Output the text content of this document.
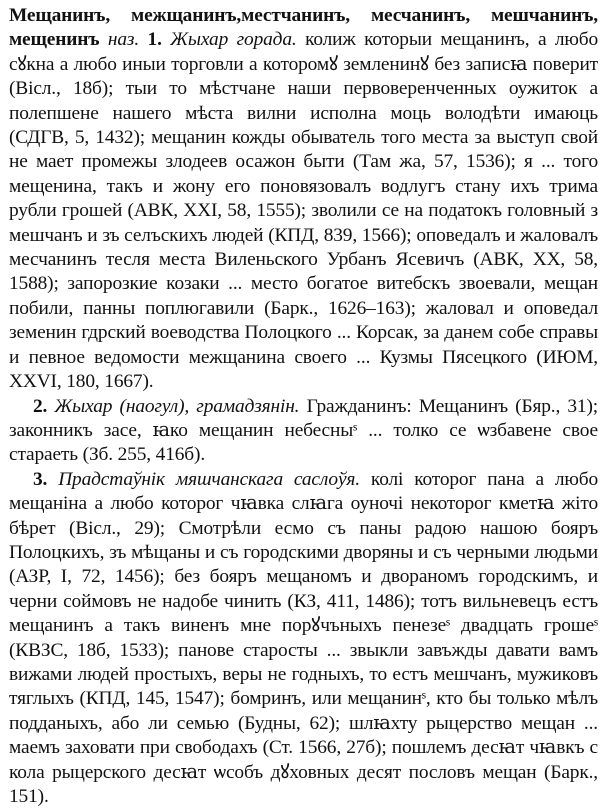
Мещанинъ, межщанинъ,местчанинъ, месчанинъ, мешчанинъ, мещенинъ наз. 1. Жыхар горада. колиж которыи мещанинъ, а любо сꙋкна а любо иныи торговли а которомꙋ землeнинꙋ без записꙗ поверит (Вісл., 18б); тыи то мѣстчане наши первоверенченных оужиток а полепшене нашего мѣста вилни исполна моць володѣти имаюць (СДГВ, 5, 1432); мещанин кожды обыватель того места за выступ свой не мает промежы злодеев осажон быти (Там жа, 57, 1536); я ... того мещенина, такъ и жону его поновязовалъ водлугъ стану ихъ трима рубли грошей (АВК, XXI, 58, 1555); зволили се на податокъ головный з мешчанъ и зъ селъскихъ людей (КПД, 839, 1566); оповедалъ и жаловалъ месчанинъ тесля места Виленьского Урбанъ Ясевичъ (АВК, XX, 58, 1588); запорозкие козаки ... место богатое витебскъ звоевали, мещан побили, панны поплюгавили (Барк., 1626–163); жаловал и оповедал земенин гдрский воеводства Полоцкого ... Корсак, за данем собе справы и певное ведомости межщанина своего ... Кузмы Пясецкого (ИЮМ, XXVI, 180, 1667).

2. Жыхар (наогул), грамадзянін. Гражданинъ: Мещанинъ (Бяр., 31); законникъ засе, ꙗко мещанин небесныˢ ... толко се ѡзбавене свое стараеть (Зб. 255, 416б).

3. Прадстаўнік мяшчанскага саслоўя. колі которог пана а любо мещанiна а любо которог чꙗвка слꙗга оуночі некоторог кметꙗ жіто бѣрет (Вісл., 29); Смотрѣли есмо съ паны радою нашою бояръ Полоцкихъ, зъ мѣщаны и съ городскими дворяны и съ черными людьми (АЗР, I, 72, 1456); без бояръ мещаномъ и двораномъ городскимъ, и черни соймовъ не надобе чинить (КЗ, 411, 1486); тотъ вильневецъ естъ мещанинъ а такъ виненъ мне порꙋчъныхъ пенезеˢ двадцать грошеˢ (КВЗС, 18б, 1533); панове старосты ... звыкли завъжды давати вамъ вижами людей простыхъ, веры не годныхъ, то естъ мешчанъ, мужиковъ тяглыхъ (КПД, 145, 1547); бомринъ, или мещанинˢ, кто бы только мѣлъ подданыхъ, або ли семью (Будны, 62); шлꙗхту рыцерство мещан ... маемъ заховати при свободахъ (Ст. 1566, 27б); пошлемъ десꙗт чꙗвкъ с кола рыцерского десꙗт ѡсобъ дꙋховных десят пословъ мещан (Барк., 151).
